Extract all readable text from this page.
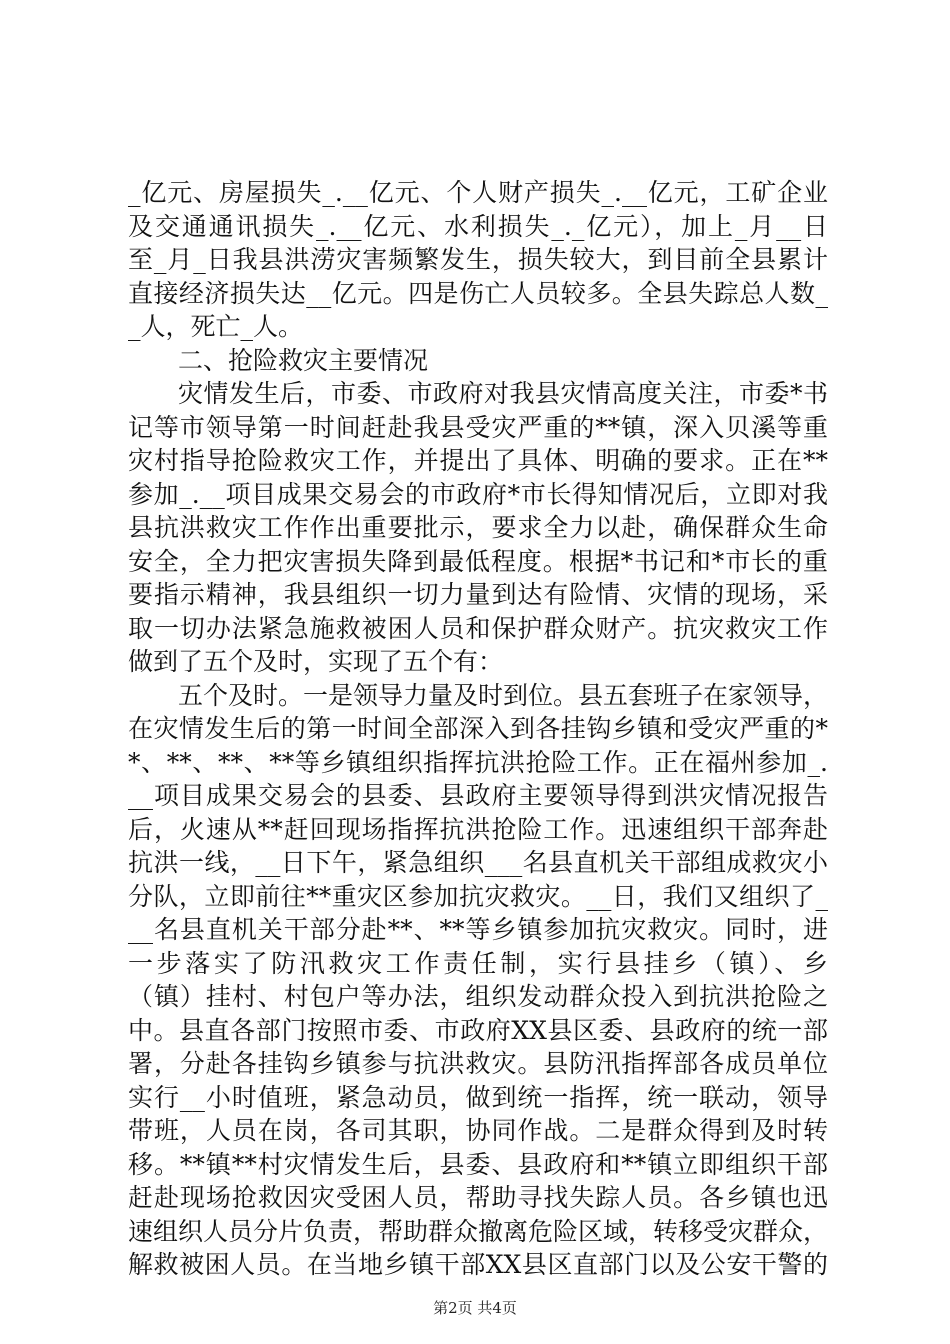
_亿元、房屋损失_.__亿元、个人财产损失_.__亿元，工矿企业
及交通通讯损失_.__亿元、水利损失_._亿元），加上_月__日
至_月_日我县洪涝灾害频繁发生，损失较大，到目前全县累计
直接经济损失达__亿元。四是伤亡人员较多。全县失踪总人数_
_人，死亡_人。
二、抢险救灾主要情况
灾情发生后，市委、市政府对我县灾情高度关注，市委*书
记等市领导第一时间赶赴我县受灾严重的**镇，深入贝溪等重
灾村指导抢险救灾工作，并提出了具体、明确的要求。正在**
参加_.__项目成果交易会的市政府*市长得知情况后，立即对我
县抗洪救灾工作作出重要批示，要求全力以赴，确保群众生命
安全，全力把灾害损失降到最低程度。根据*书记和*市长的重
要指示精神，我县组织一切力量到达有险情、灾情的现场，采
取一切办法紧急施救被困人员和保护群众财产。抗灾救灾工作
做到了五个及时，实现了五个有：
五个及时。一是领导力量及时到位。县五套班子在家领导，
在灾情发生后的第一时间全部深入到各挂钩乡镇和受灾严重的*
*、**、**、**等乡镇组织指挥抗洪抢险工作。正在福州参加_.
__项目成果交易会的县委、县政府主要领导得到洪灾情况报告
后，火速从**赶回现场指挥抗洪抢险工作。迅速组织干部奔赴
抗洪一线，__日下午，紧急组织___名县直机关干部组成救灾小
分队，立即前往**重灾区参加抗灾救灾。__日，我们又组织了_
__名县直机关干部分赴**、**等乡镇参加抗灾救灾。同时，进
一步落实了防汛救灾工作责任制，实行县挂乡（镇）、乡
（镇）挂村、村包户等办法，组织发动群众投入到抗洪抢险之
中。县直各部门按照市委、市政府XX县区委、县政府的统一部
署，分赴各挂钩乡镇参与抗洪救灾。县防汛指挥部各成员单位
实行__小时值班，紧急动员，做到统一指挥，统一联动，领导
带班，人员在岗，各司其职，协同作战。二是群众得到及时转
移。**镇**村灾情发生后，县委、县政府和**镇立即组织干部
赶赴现场抢救因灾受困人员，帮助寻找失踪人员。各乡镇也迅
速组织人员分片负责，帮助群众撤离危险区域，转移受灾群众，
解救被困人员。在当地乡镇干部XX县区直部门以及公安干警的
第2页 共4页
